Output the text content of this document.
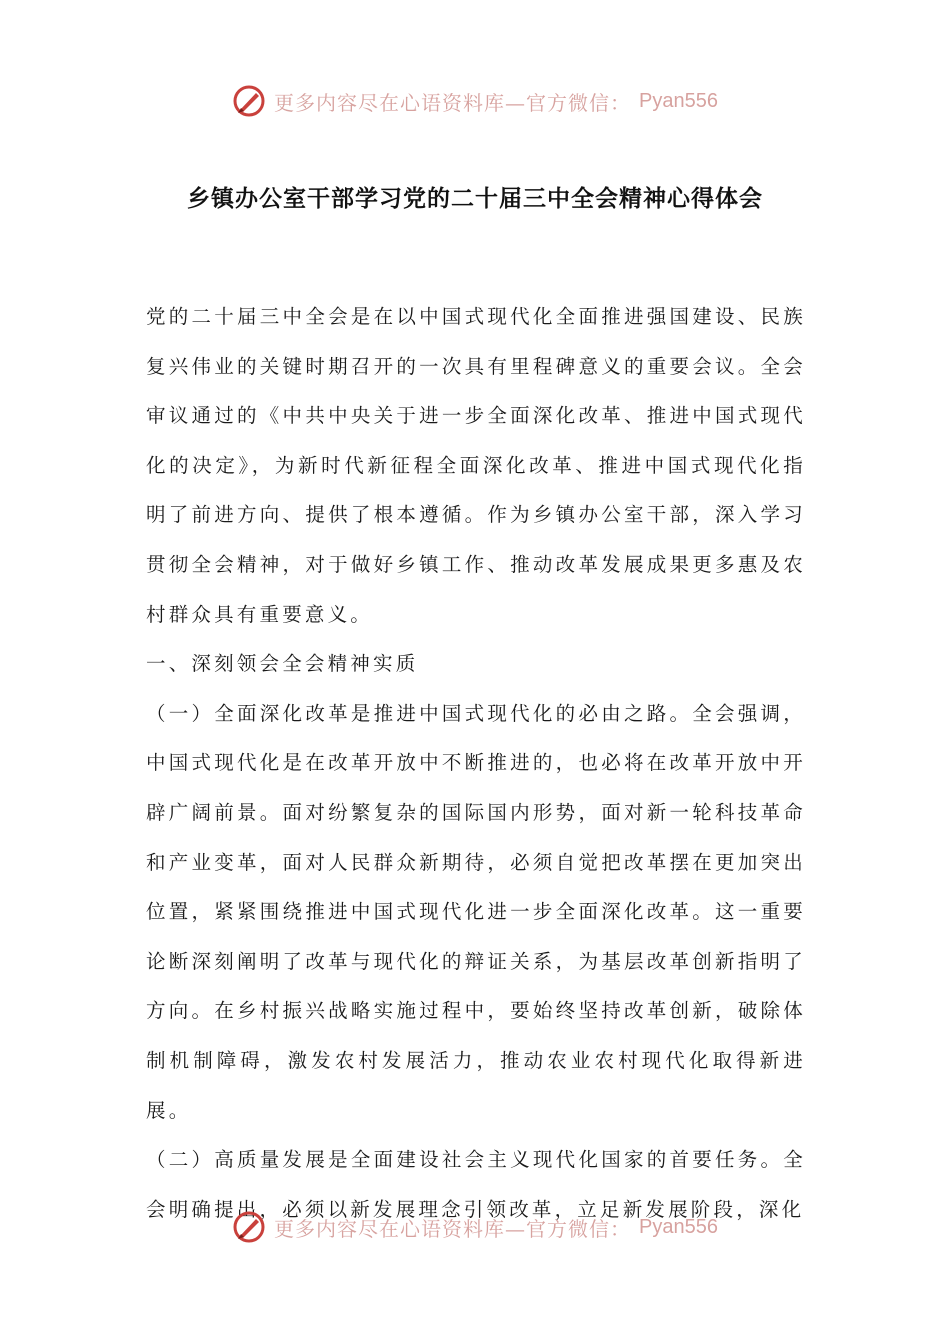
更多内容尽在心语资料库—官方微信： Pyan556
乡镇办公室干部学习党的二十届三中全会精神心得体会

党的二十届三中全会是在以中国式现代化全面推进强国建设、民族复兴伟业的关键时期召开的一次具有里程碑意义的重要会议。全会审议通过的《中共中央关于进一步全面深化改革、推进中国式现代化的决定》，为新时代新征程全面深化改革、推进中国式现代化指明了前进方向、提供了根本遵循。作为乡镇办公室干部，深入学习贯彻全会精神，对于做好乡镇工作、推动改革发展成果更多惠及农村群众具有重要意义。

一、深刻领会全会精神实质

（一）全面深化改革是推进中国式现代化的必由之路。全会强调，中国式现代化是在改革开放中不断推进的，也必将在改革开放中开辟广阔前景。面对纷繁复杂的国际国内形势，面对新一轮科技革命和产业变革，面对人民群众新期待，必须自觉把改革摆在更加突出位置，紧紧围绕推进中国式现代化进一步全面深化改革。这一重要论断深刻阐明了改革与现代化的辩证关系，为基层改革创新指明了方向。在乡村振兴战略实施过程中，要始终坚持改革创新，破除体制机制障碍，激发农村发展活力，推动农业农村现代化取得新进展。

（二）高质量发展是全面建设社会主义现代化国家的首要任务。全会明确提出，必须以新发展理念引领改革，立足新发展阶段，深化

更多内容尽在心语资料库—官方微信： Pyan556
